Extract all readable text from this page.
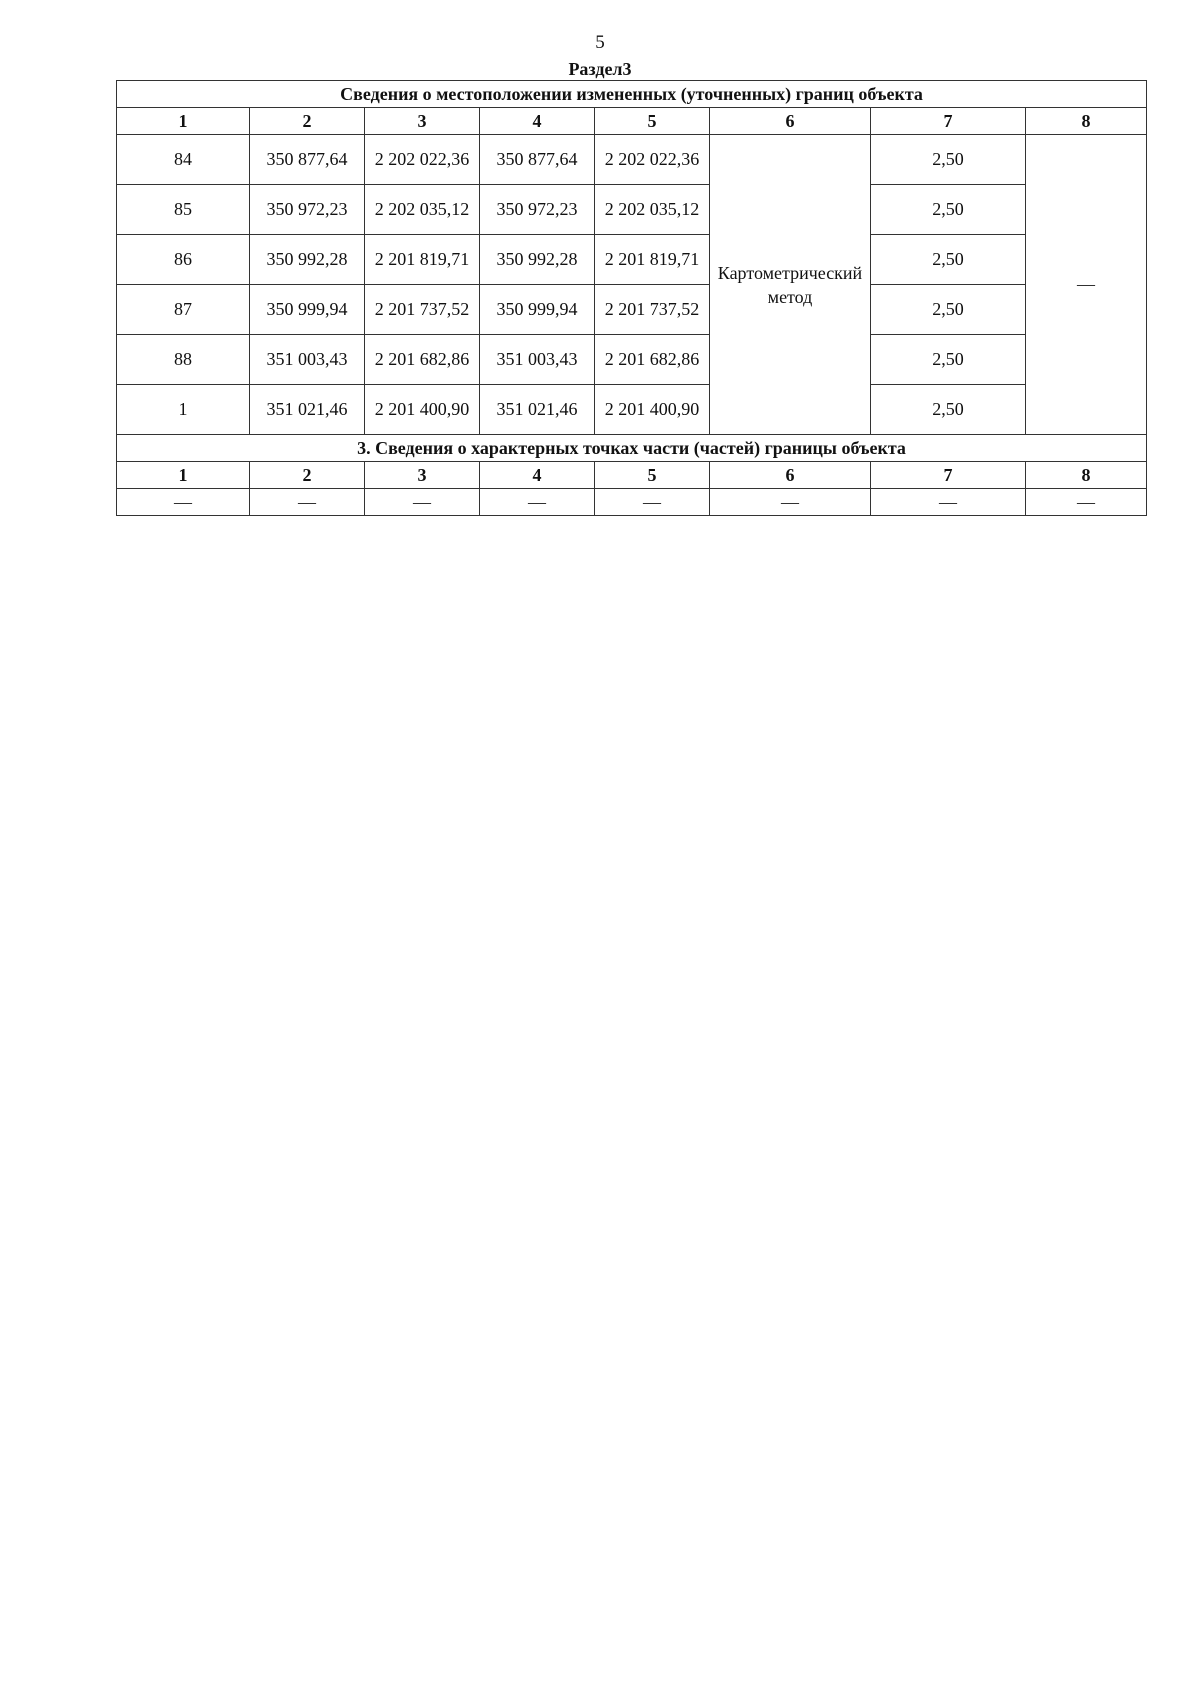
5
Раздел3
Сведения о местоположении измененных (уточненных) границ объекта							
1	2	3	4	5	6	7	8
84	350 877,64	2 202 022,36	350 877,64	2 202 022,36	Картометрический метод	2,50	—
85	350 972,23	2 202 035,12	350 972,23	2 202 035,12		2,50	
86	350 992,28	2 201 819,71	350 992,28	2 201 819,71		2,50	
87	350 999,94	2 201 737,52	350 999,94	2 201 737,52		2,50	
88	351 003,43	2 201 682,86	351 003,43	2 201 682,86		2,50	
1	351 021,46	2 201 400,90	351 021,46	2 201 400,90		2,50	
3. Сведения о характерных точках части (частей) границы объекта							
1	2	3	4	5	6	7	8
—	—	—	—	—	—	—	—
